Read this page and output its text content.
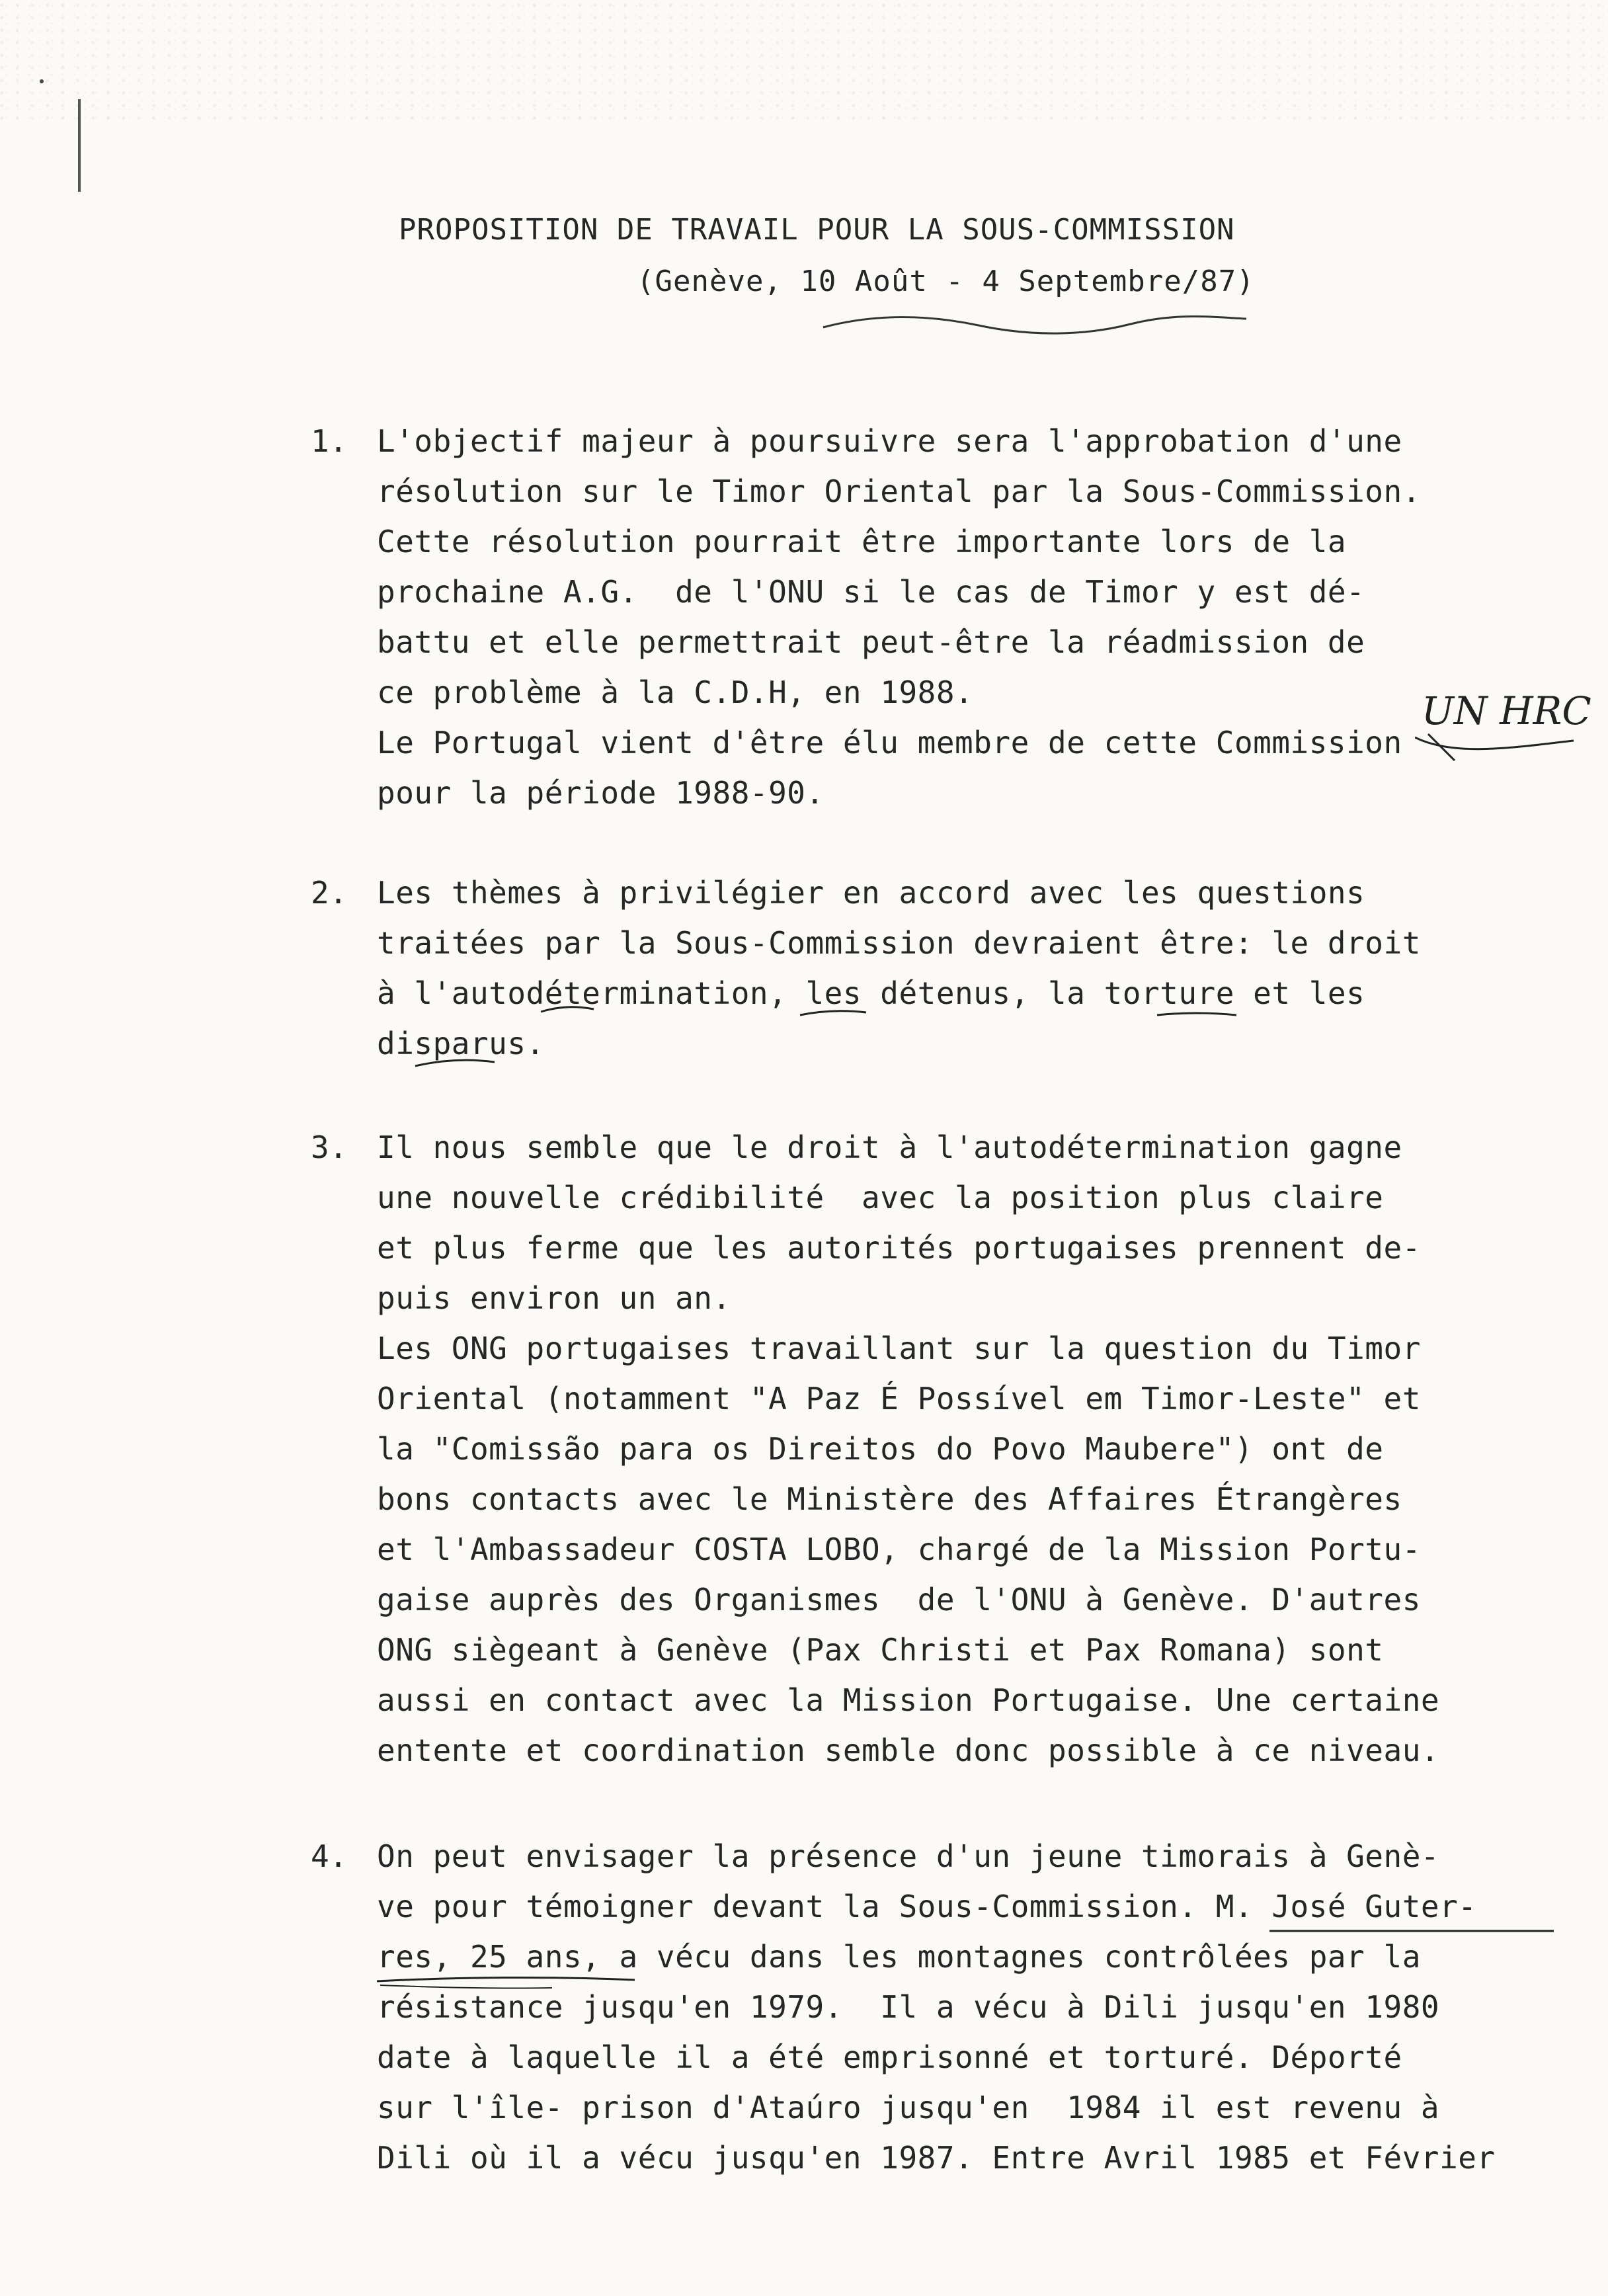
PROPOSITION DE TRAVAIL POUR LA SOUS-COMMISSION
(Genève, 10 Août - 4 Septembre/87)
1. L'objectif majeur à poursuivre sera l'approbation d'une
résolution sur le Timor Oriental par la Sous-Commission.
Cette résolution pourrait être importante lors de la
prochaine A.G.  de l'ONU si le cas de Timor y est dé-
battu et elle permettrait peut-être la réadmission de
ce problème à la C.D.H, en 1988.
Le Portugal vient d'être élu membre de cette Commission
pour la période 1988-90.
2. Les thèmes à privilégier en accord avec les questions
traitées par la Sous-Commission devraient être: le droit
à l'autodétermination, les détenus, la torture et les
disparus.
3. Il nous semble que le droit à l'autodétermination gagne
une nouvelle crédibilité  avec la position plus claire
et plus ferme que les autorités portugaises prennent de-
puis environ un an.
Les ONG portugaises travaillant sur la question du Timor
Oriental (notamment "A Paz É Possível em Timor-Leste" et
la "Comissão para os Direitos do Povo Maubere") ont de
bons contacts avec le Ministère des Affaires Étrangères
et l'Ambassadeur COSTA LOBO, chargé de la Mission Portu-
gaise auprès des Organismes  de l'ONU à Genève. D'autres
ONG siègeant à Genève (Pax Christi et Pax Romana) sont
aussi en contact avec la Mission Portugaise. Une certaine
entente et coordination semble donc possible à ce niveau.
4. On peut envisager la présence d'un jeune timorais à Genè-
ve pour témoigner devant la Sous-Commission. M. José Guter-
res, 25 ans, a vécu dans les montagnes contrôlées par la
résistance jusqu'en 1979.  Il a vécu à Dili jusqu'en 1980
date à laquelle il a été emprisonné et torturé. Déporté
sur l'île- prison d'Ataúro jusqu'en  1984 il est revenu à
Dili où il a vécu jusqu'en 1987. Entre Avril 1985 et Février
UN HRC
